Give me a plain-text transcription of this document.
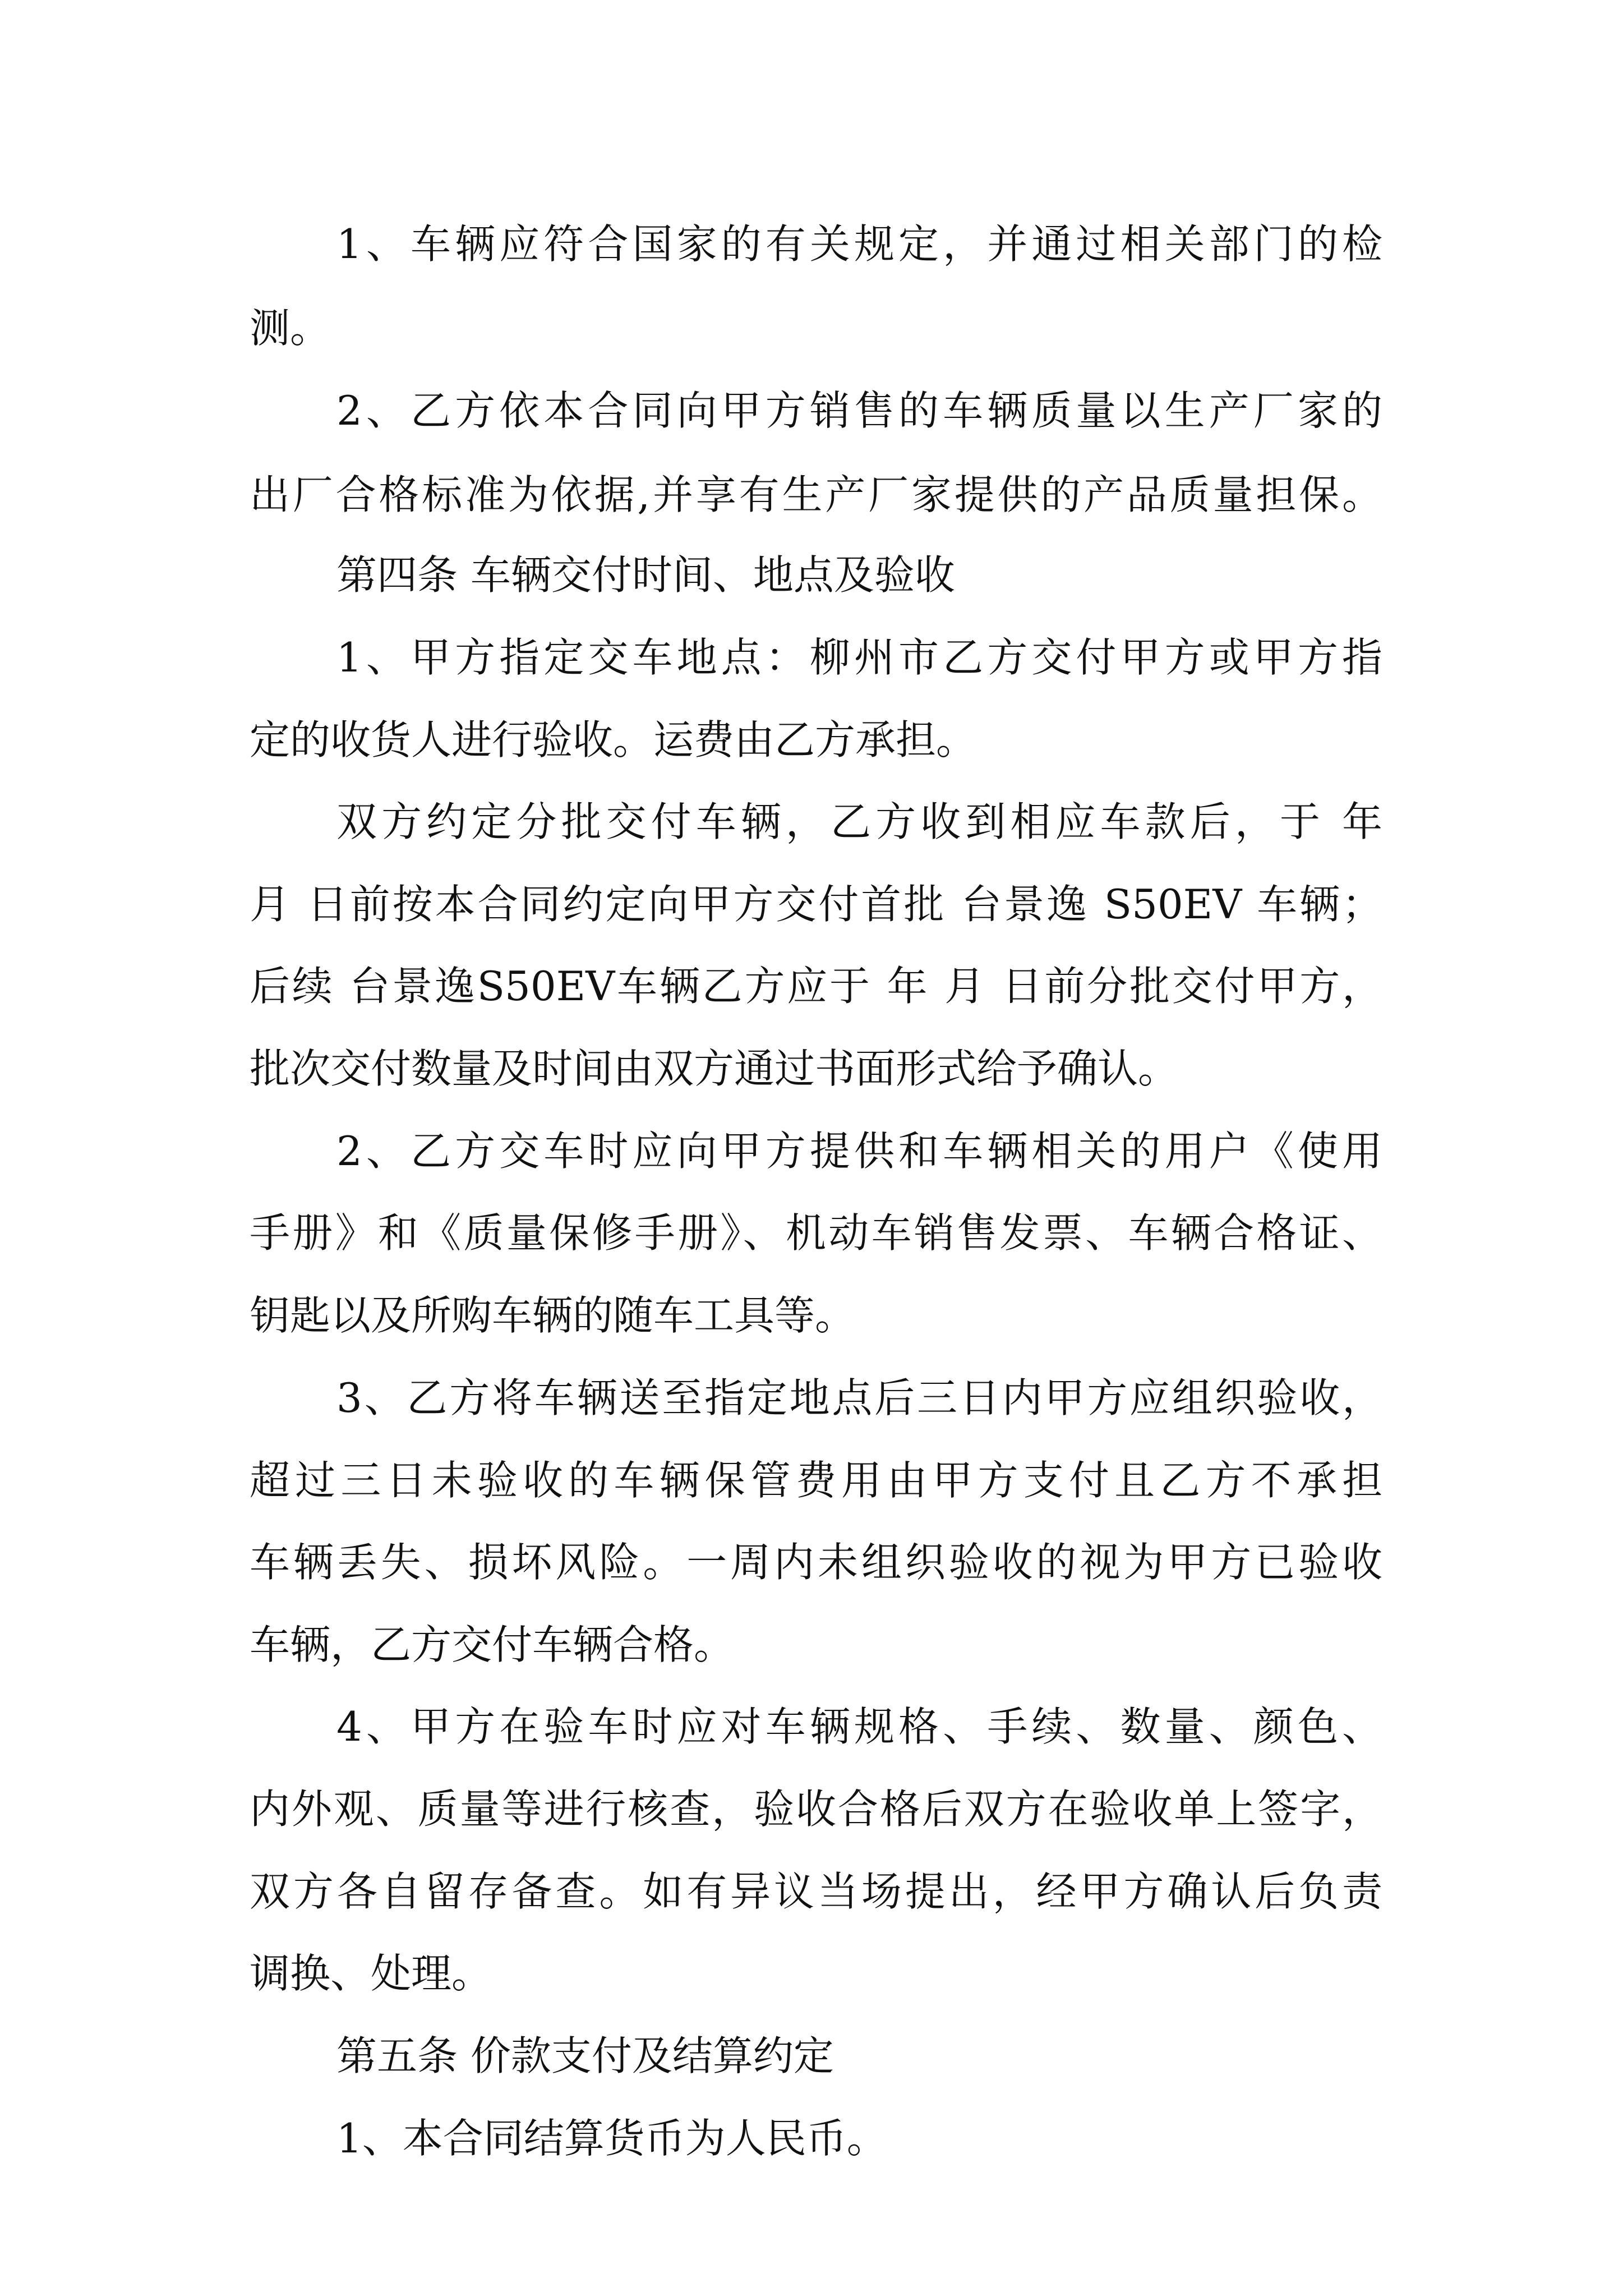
1、车辆应符合国家的有关规定，并通过相关部门的检
测。
2、乙方依本合同向甲方销售的车辆质量以生产厂家的
出厂合格标准为依据,并享有生产厂家提供的产品质量担保。
第四条 车辆交付时间、地点及验收
1、甲方指定交车地点：柳州市乙方交付甲方或甲方指
定的收货人进行验收。运费由乙方承担。
双方约定分批交付车辆，乙方收到相应车款后，于 年
月 日前按本合同约定向甲方交付首批 台景逸 S50EV 车辆；
后续 台景逸S50EV车辆乙方应于 年 月 日前分批交付甲方，
批次交付数量及时间由双方通过书面形式给予确认。
2、乙方交车时应向甲方提供和车辆相关的用户《使用
手册》和《质量保修手册》、机动车销售发票、车辆合格证、
钥匙以及所购车辆的随车工具等。
3、乙方将车辆送至指定地点后三日内甲方应组织验收，
超过三日未验收的车辆保管费用由甲方支付且乙方不承担
车辆丢失、损坏风险。一周内未组织验收的视为甲方已验收
车辆，乙方交付车辆合格。
4、甲方在验车时应对车辆规格、手续、数量、颜色、
内外观、质量等进行核查，验收合格后双方在验收单上签字，
双方各自留存备查。如有异议当场提出，经甲方确认后负责
调换、处理。
第五条 价款支付及结算约定
1、本合同结算货币为人民币。
